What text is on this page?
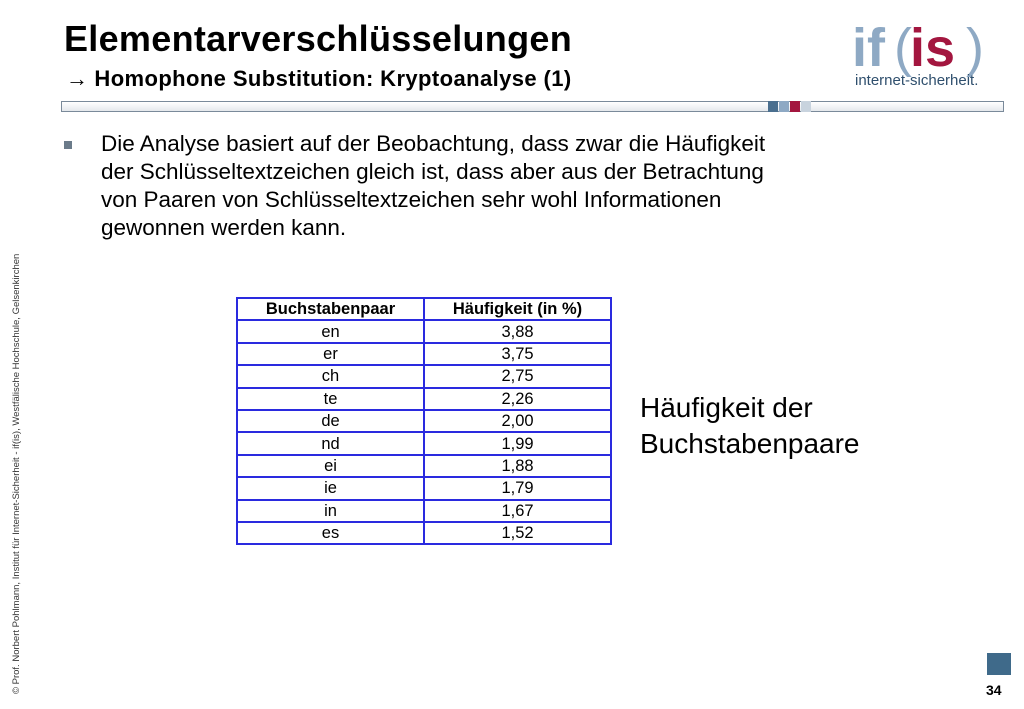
Elementarverschlüsselungen
→ Homophone Substitution: Kryptoanalyse (1)
if (
is )
internet-sicherheit.
Die Analyse basiert auf der Beobachtung, dass zwar die Häufigkeit
der Schlüsseltextzeichen gleich ist, dass aber aus der Betrachtung
von Paaren von Schlüsseltextzeichen sehr wohl Informationen
gewonnen werden kann.
Buchstabenpaar	Häufigkeit (in %)
en	3,88
er	3,75
ch	2,75
te	2,26
de	2,00
nd	1,99
ei	1,88
ie	1,79
in	1,67
es	1,52
Häufigkeit der
Buchstabenpaare
© Prof. Norbert Pohlmann, Institut für Internet-Sicherheit - if(is), Westfälische Hochschule, Gelsenkirchen	34
